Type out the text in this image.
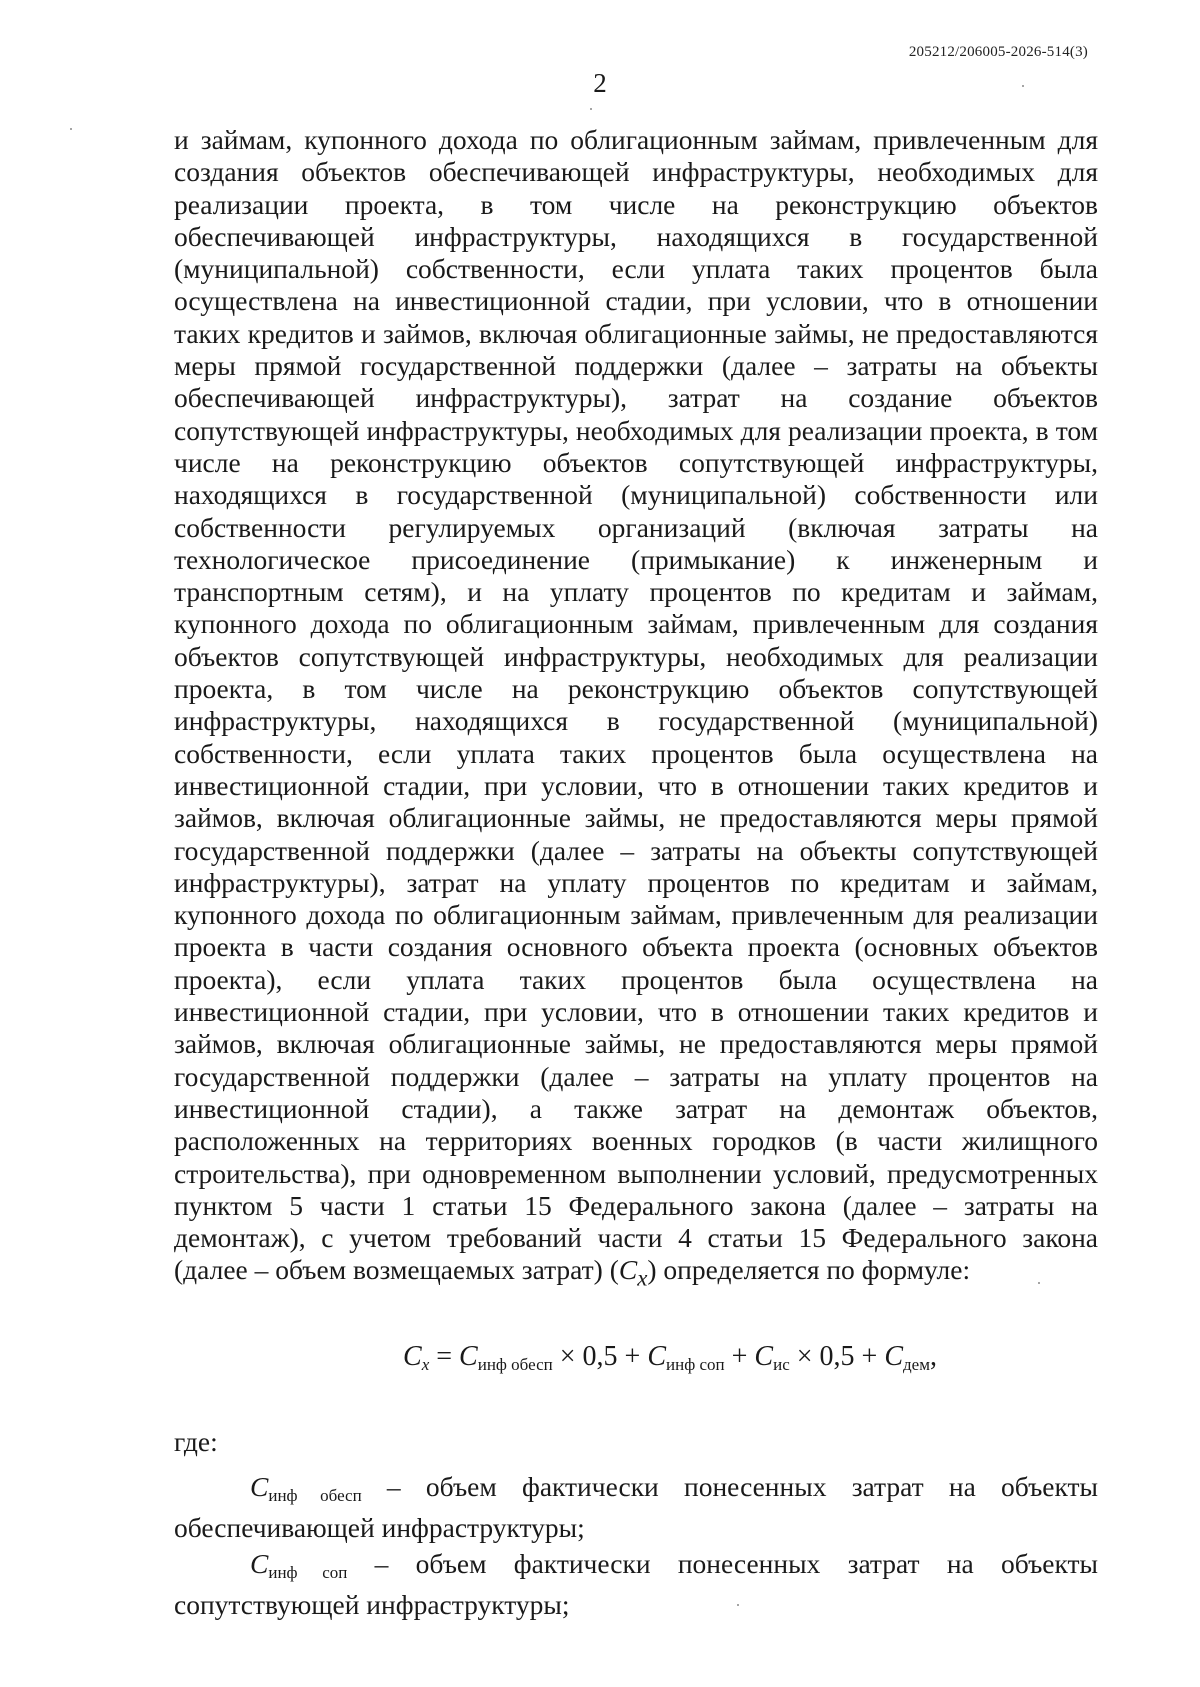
205212/206005-2026-514(3)
2

и займам, купонного дохода по облигационным займам, привлеченным для создания объектов обеспечивающей инфраструктуры, необходимых для реализации проекта, в том числе на реконструкцию объектов обеспечивающей инфраструктуры, находящихся в государственной (муниципальной) собственности, если уплата таких процентов была осуществлена на инвестиционной стадии, при условии, что в отношении таких кредитов и займов, включая облигационные займы, не предоставляются меры прямой государственной поддержки (далее – затраты на объекты обеспечивающей инфраструктуры), затрат на создание объектов сопутствующей инфраструктуры, необходимых для реализации проекта, в том числе на реконструкцию объектов сопутствующей инфраструктуры, находящихся в государственной (муниципальной) собственности или собственности регулируемых организаций (включая затраты на технологическое присоединение (примыкание) к инженерным и транспортным сетям), и на уплату процентов по кредитам и займам, купонного дохода по облигационным займам, привлеченным для создания объектов сопутствующей инфраструктуры, необходимых для реализации проекта, в том числе на реконструкцию объектов сопутствующей инфраструктуры, находящихся в государственной (муниципальной) собственности, если уплата таких процентов была осуществлена на инвестиционной стадии, при условии, что в отношении таких кредитов и займов, включая облигационные займы, не предоставляются меры прямой государственной поддержки (далее – затраты на объекты сопутствующей инфраструктуры), затрат на уплату процентов по кредитам и займам, купонного дохода по облигационным займам, привлеченным для реализации проекта в части создания основного объекта проекта (основных объектов проекта), если уплата таких процентов была осуществлена на инвестиционной стадии, при условии, что в отношении таких кредитов и займов, включая облигационные займы, не предоставляются меры прямой государственной поддержки (далее – затраты на уплату процентов на инвестиционной стадии), а также затрат на демонтаж объектов, расположенных на территориях военных городков (в части жилищного строительства), при одновременном выполнении условий, предусмотренных пунктом 5 части 1 статьи 15 Федерального закона (далее – затраты на демонтаж), с учетом требований части 4 статьи 15 Федерального закона (далее – объем возмещаемых затрат) $(C_x)$ определяется по формуле:

$C_x = C_{инф обесп} \times 0,5 + C_{инф соп} + C_{ис} \times 0,5 + C_{дем}$,

где:

$C_{инф обесп}$ – объем фактически понесенных затрат на объекты обеспечивающей инфраструктуры;

$C_{инф соп}$ – объем фактически понесенных затрат на объекты сопутствующей инфраструктуры;
